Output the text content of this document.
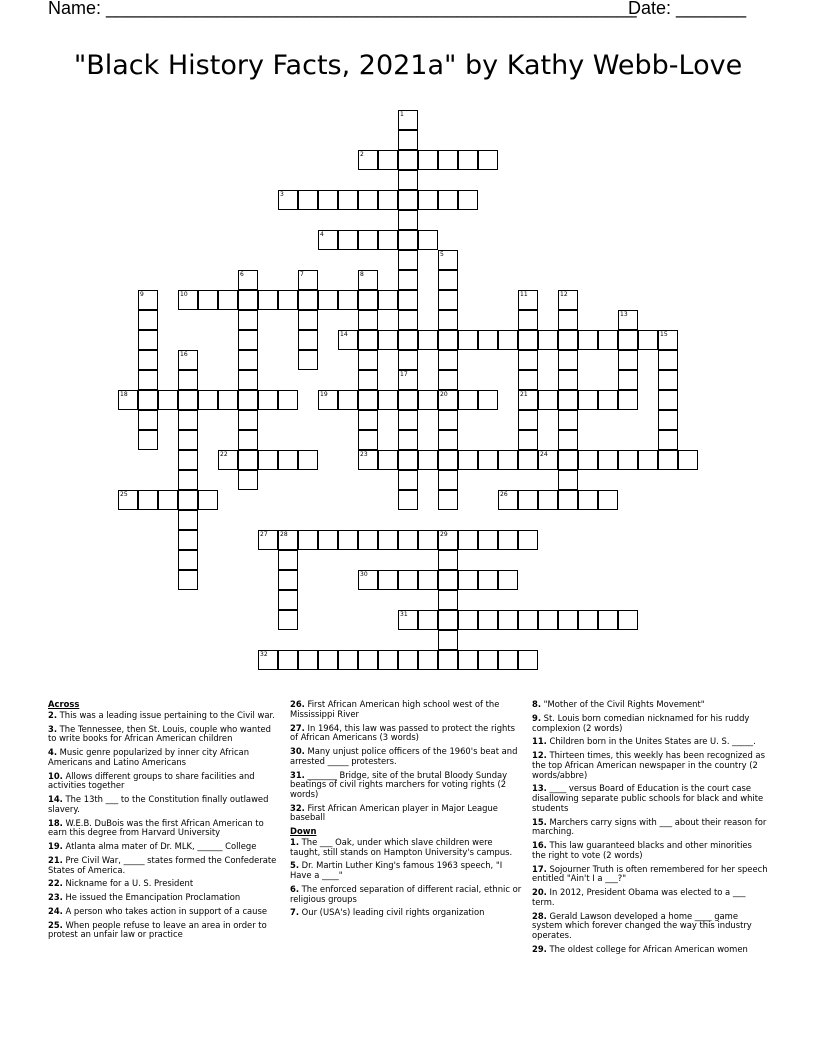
Name: _____________________________________________________
Date: _______
"Black History Facts, 2021a" by Kathy Webb-Love
2
3
4
10
14
18	19	20	21
22	23	24
25	26
27 28	29
30
31
32
1
17
5
6	7	8
9	11	12
13
15
16
Across
2. This was a leading issue pertaining to the Civil war.
3. The Tennessee, then St. Louis, couple who wanted to write books for African American children
4. Music genre popularized by inner city African Americans and Latino Americans
10. Allows different groups to share facilities and activities together
14. The 13th ___ to the Constitution finally outlawed slavery.
18. W.E.B. DuBois was the first African American to earn this degree from Harvard University
19. Atlanta alma mater of Dr. MLK, ______ College
21. Pre Civil War, _____ states formed the Confederate States of America.
22. Nickname for a U. S. President
23. He issued the Emancipation Proclamation
24. A person who takes action in support of a cause
25. When people refuse to leave an area in order to protest an unfair law or practice
26. First African American high school west of the Mississippi River
27. In 1964, this law was passed to protect the rights of African Americans (3 words)
30. Many unjust police officers of the 1960's beat and arrested _____ protesters.
31. _______ Bridge, site of the brutal Bloody Sunday beatings of civil rights marchers for voting rights (2 words)
32. First African American player in Major League baseball
Down
1. The ___ Oak, under which slave children were taught, still stands on Hampton University's campus.
5. Dr. Martin Luther King's famous 1963 speech, "I Have a ____"
6. The enforced separation of different racial, ethnic or religious groups
7. Our (USA's) leading civil rights organization
8. "Mother of the Civil Rights Movement"
9. St. Louis born comedian nicknamed for his ruddy complexion (2 words)
11. Children born in the Unites States are U. S. _____.
12. Thirteen times, this weekly has been recognized as the top African American newspaper in the country (2 words/abbre)
13. ____ versus Board of Education is the court case disallowing separate public schools for black and white students
15. Marchers carry signs with ___ about their reason for marching.
16. This law guaranteed blacks and other minorities the right to vote (2 words)
17. Sojourner Truth is often remembered for her speech entitled "Ain't I a ___?"
20. In 2012, President Obama was elected to a ___ term.
28. Gerald Lawson developed a home ____ game system which forever changed the way this industry operates.
29. The oldest college for African American women
